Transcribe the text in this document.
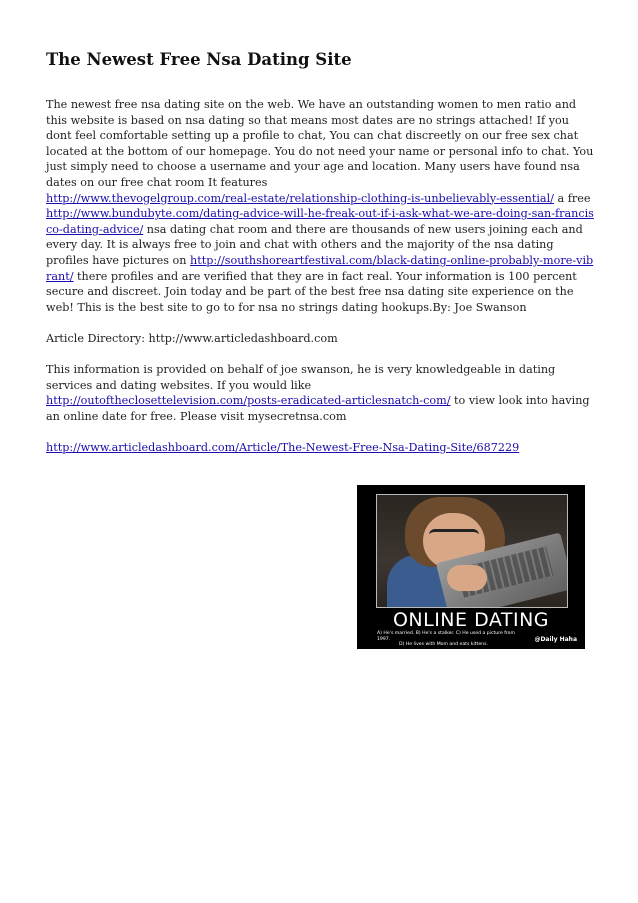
The Newest Free Nsa Dating Site

The newest free nsa dating site on the web. We have an outstanding women to men ratio and this website is based on nsa dating so that means most dates are no strings attached! If you dont feel comfortable setting up a profile to chat, You can chat discreetly on our free sex chat located at the bottom of our homepage. You do not need your name or personal info to chat. You just simply need to choose a username and your age and location. Many users have found nsa dates on our free chat room It features
http://www.thevogelgroup.com/real-estate/relationship-clothing-is-unbelievably-essential/ a free
http://www.bundubyte.com/dating-advice-will-he-freak-out-if-i-ask-what-we-are-doing-san-francisco-dating-advice/ nsa dating chat room and there are thousands of new users joining each and every day. It is always free to join and chat with others and the majority of the nsa dating profiles have pictures on http://southshoreartfestival.com/black-dating-online-probably-more-vibrant/ there profiles and are verified that they are in fact real. Your information is 100 percent secure and discreet. Join today and be part of the best free nsa dating site experience on the web! This is the best site to go to for nsa no strings dating hookups.By: Joe Swanson

Article Directory: http://www.articledashboard.com

This information is provided on behalf of joe swanson, he is very knowledgeable in dating services and dating websites. If you would like
http://outoftheclosettelevision.com/posts-eradicated-articlesnatch-com/ to view look into having an online date for free. Please visit mysecretnsa.com

http://www.articledashboard.com/Article/The-Newest-Free-Nsa-Dating-Site/687229

ONLINE DATING
A) He's married. B) He's a stalker. C) He used a picture from 1997.
D) He lives with Mom and eats kittens.
@Daily Haha
